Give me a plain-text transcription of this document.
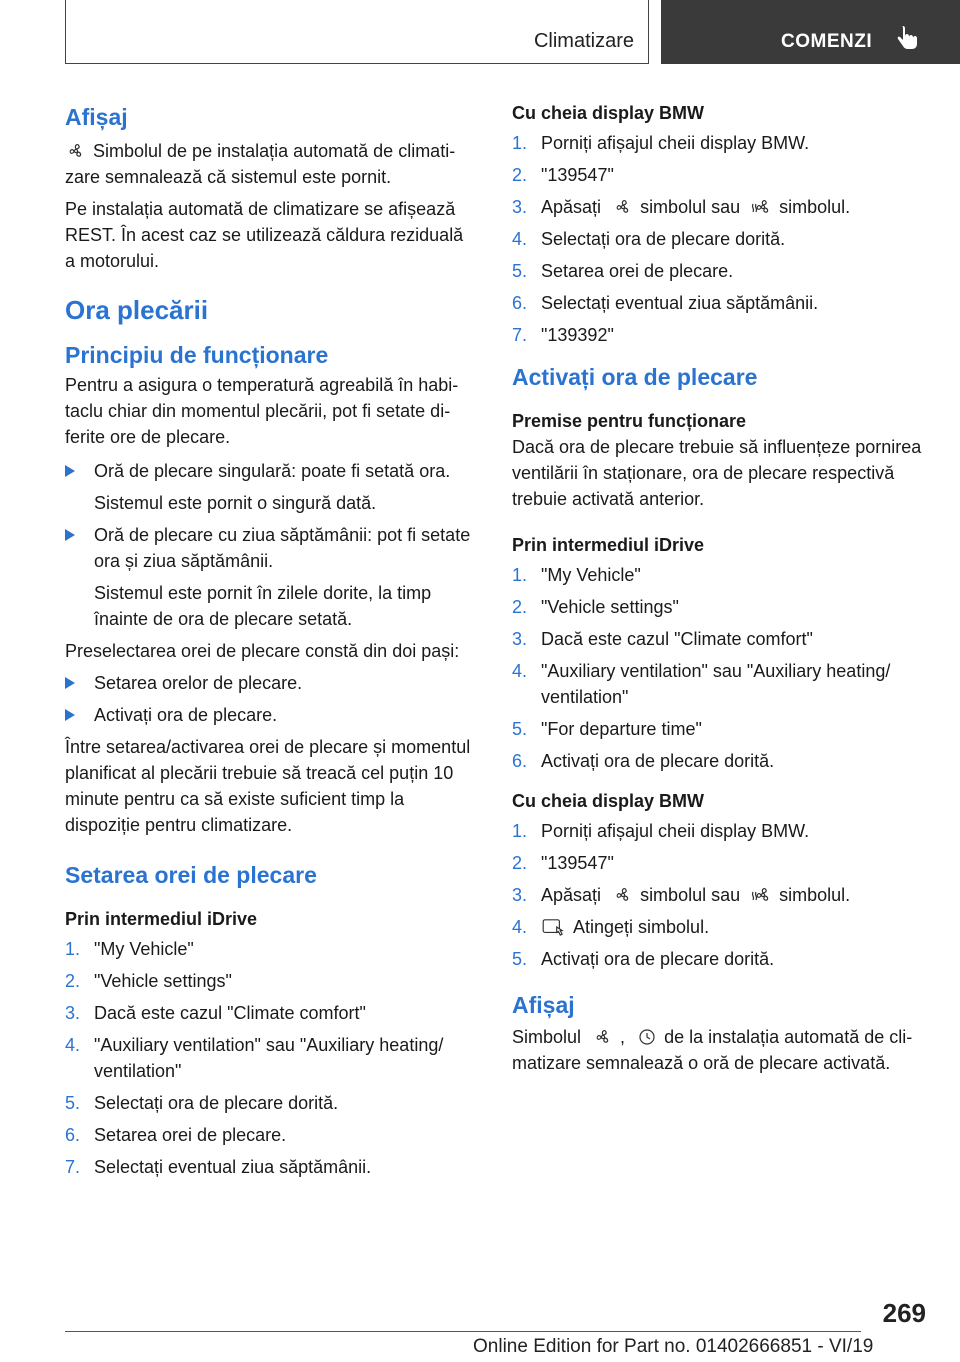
Climatizare	COMENZI
Afișaj

Simbolul de pe instalația automată de climatizare semnalează că sistemul este pornit.

Pe instalația automată de climatizare se afișează REST. În acest caz se utilizează căldura reziduală a motorului.

Ora plecării
Principiu de funcționare

Pentru a asigura o temperatură agreabilă în habitaclu chiar din momentul plecării, pot fi setate diferite ore de plecare.

Oră de plecare singulară: poate fi setată ora.

Sistemul este pornit o singură dată.

Oră de plecare cu ziua săptămânii: pot fi setate ora și ziua săptămânii.

Sistemul este pornit în zilele dorite, la timp înainte de ora de plecare setată.

Preselectarea orei de plecare constă din doi pași:

Setarea orelor de plecare.
Activați ora de plecare.

Între setarea/activarea orei de plecare și momentul planificat al plecării trebuie să treacă cel puțin 10 minute pentru ca să existe suficient timp la dispoziție pentru climatizare.

Setarea orei de plecare

Prin intermediul iDrive

1. "My Vehicle"
2. "Vehicle settings"
3. Dacă este cazul "Climate comfort"
4. "Auxiliary ventilation" sau "Auxiliary heating/ ventilation"
5. Selectați ora de plecare dorită.
6. Setarea orei de plecare.
7. Selectați eventual ziua săptămânii.

Cu cheia display BMW

1. Porniți afișajul cheii display BMW.
2. "139547"
3. Apăsați simbolul sau simbolul.
4. Selectați ora de plecare dorită.
5. Setarea orei de plecare.
6. Selectați eventual ziua săptămânii.
7. "139392"
Activați ora de plecare

Premise pentru funcționare

Dacă ora de plecare trebuie să influențeze pornirea ventilării în staționare, ora de plecare respectivă trebuie activată anterior.

Prin intermediul iDrive

1. "My Vehicle"
2. "Vehicle settings"
3. Dacă este cazul "Climate comfort"
4. "Auxiliary ventilation" sau "Auxiliary heating/ ventilation"
5. "For departure time"
6. Activați ora de plecare dorită.

Cu cheia display BMW

1. Porniți afișajul cheii display BMW.
2. "139547"
3. Apăsați simbolul sau simbolul.
4.	Atingeți simbolul.
5. Activați ora de plecare dorită.
Afișaj

Simbolul , de la instalația automată de climatizare semnalează o oră de plecare activată.

269
Online Edition for Part no. 01402666851 - VI/19
